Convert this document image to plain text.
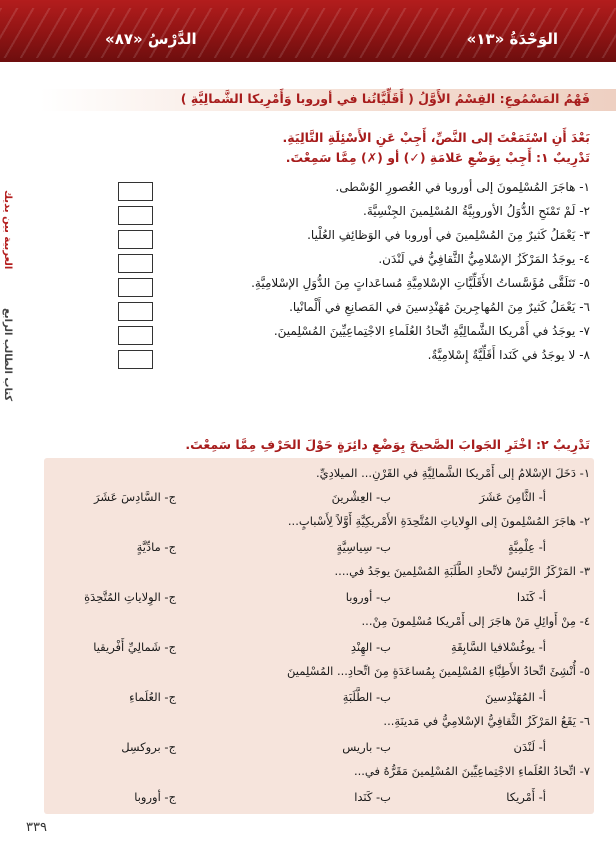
الوَحْدَةُ «١٣»
الدَّرْسُ «٨٧»
العربية بين يديك
كتاب الطالب الرابع
فَهْمُ المَسْمُوعِ: القِسْمُ الأَوَّلُ ( أَقَلِّيَّاتُنا في أوروبا وَأَمْرِيكا الشَّمالِيَّةِ )
بَعْدَ أَنِ اسْتَمَعْتَ إلى النَّصِّ، أَجِبْ عَنِ الأَسْئِلَةِ التَّالِيَةِ.
تَدْرِيبٌ ١: أَجِبْ بِوَضْعِ عَلامَةِ (✓) أو (✗) مِمَّا سَمِعْتَ.
١- هاجَرَ المُسْلِمونَ إلى أوروبا في العُصورِ الوُسْطى.
٢- لَمْ تَمْنَحِ الدُّوَلُ الأوروبِيَّةُ المُسْلِمينَ الجِنْسِيَّةَ.
٣- يَعْمَلُ كَثيرٌ مِنَ المُسْلِمينَ في أوروبا في الوَظائِفِ العُلْيا.
٤- يوجَدُ المَرْكَزُ الإسْلامِيُّ الثَّقافِيُّ في لَنْدَن.
٥- تَتَلَقَّى مُؤَسَّساتُ الأَقَلِّيَّاتِ الإسْلامِيَّةِ مُساعَداتٍ مِنَ الدُّوَلِ الإسْلامِيَّةِ.
٦- يَعْمَلُ كَثيرٌ مِنَ المُهاجِرينَ مُهَنْدِسينَ في المَصانِعِ في أَلْمانْيا.
٧- يوجَدُ في أَمْريكا الشَّمالِيَّةِ اتِّحادُ العُلَماءِ الاجْتِماعِيِّينَ المُسْلِمينَ.
٨- لا يوجَدُ في كَنَدا أَقَلِّيَّةٌ إِسْلامِيَّةٌ.
تَدْرِيبٌ ٢: اخْتَرِ الجَوابَ الصَّحيحَ بِوَضْعِ دائِرَةٍ حَوْلَ الحَرْفِ مِمَّا سَمِعْتَ.
١- دَخَلَ الإسْلامُ إلى أَمْريكا الشَّمالِيَّةِ في القَرْنِ... الميلادِيِّ.
أ- الثَّامِنَ عَشَرَ
ب- العِشْرينَ
ج- السَّادِسَ عَشَرَ
٢- هاجَرَ المُسْلِمونَ إلى الوِلاياتِ المُتَّحِدَةِ الأَمْريكِيَّةِ أَوَّلاً لِأَسْبابٍ...
أ- عِلْمِيَّةٍ
ب- سِياسِيَّةٍ
ج- مادِّيَّةٍ
٣- المَرْكَزُ الرَّئيسُ لاتِّحادِ الطَّلَبَةِ المُسْلِمينَ يوجَدُ في....
أ- كَنَدا
ب- أوروبا
ج- الوِلاياتِ المُتَّحِدَةِ
٤- مِنْ أَوائِلِ مَنْ هاجَرَ إلى أَمْريكا مُسْلِمونَ مِنْ...
أ- يوغُسْلافيا السَّابِقَةِ
ب- الهِنْدِ
ج- شَمالِيِّ أَفْريقيا
٥- أُنْشِئَ اتِّحادُ الأَطِبَّاءِ المُسْلِمينَ بِمُساعَدَةٍ مِنَ اتِّحادِ... المُسْلِمينَ
أ- المُهَنْدِسينَ
ب- الطَّلَبَةِ
ج- العُلَماءِ
٦- يَقَعُ المَرْكَزُ الثَّقافِيُّ الإسْلامِيُّ في مَدينَةِ...
أ- لَنْدَن
ب- باريس
ج- بروكسِل
٧- اتِّحادُ العُلَماءِ الاجْتِماعِيِّينَ المُسْلِمينَ مَقَرُّهُ في...
أ- أَمْريكا
ب- كَنَدا
ج- أوروبا
٣٣٩
